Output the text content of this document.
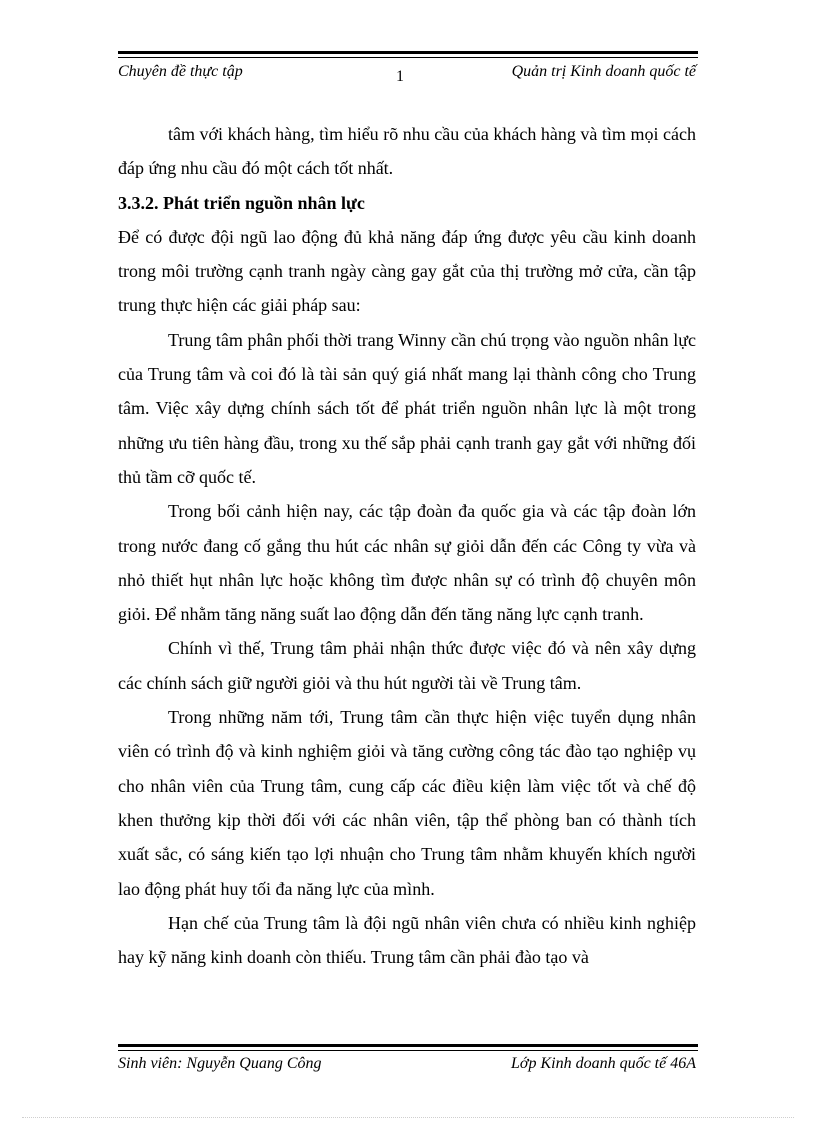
Chuyên đề thực tập	1	Quản trị Kinh doanh quốc tế

tâm với khách hàng, tìm hiểu rõ nhu cầu của khách hàng và tìm mọi cách đáp ứng nhu cầu đó một cách tốt nhất.

3.3.2. Phát triển nguồn nhân lực

Để có được đội ngũ lao động đủ khả năng đáp ứng được yêu cầu kinh doanh trong môi trường cạnh tranh ngày càng gay gắt của thị trường mở cửa, cần tập trung thực hiện các giải pháp sau:

Trung tâm phân phối thời trang Winny cần chú trọng vào nguồn nhân lực của Trung tâm và coi đó là tài sản quý giá nhất mang lại thành công cho Trung tâm. Việc xây dựng chính sách tốt để phát triển nguồn nhân lực là một trong những ưu tiên hàng đầu, trong xu thế sắp phải cạnh tranh gay gắt với những đối thủ tầm cỡ quốc tế.

Trong bối cảnh hiện nay, các tập đoàn đa quốc gia và các tập đoàn lớn trong nước đang cố gắng thu hút các nhân sự giỏi dẫn đến các Công ty vừa và nhỏ thiết hụt nhân lực hoặc không tìm được nhân sự có trình độ chuyên môn giỏi. Để nhằm tăng năng suất lao động dẫn đến tăng năng lực cạnh tranh.

Chính vì thế, Trung tâm phải nhận thức được việc đó và nên xây dựng các chính sách giữ người giỏi và thu hút người tài về Trung tâm.

Trong những năm tới, Trung tâm cần thực hiện việc tuyển dụng nhân viên có trình độ và kinh nghiệm giỏi và tăng cường công tác đào tạo nghiệp vụ cho nhân viên của Trung tâm, cung cấp các điều kiện làm việc tốt và chế độ khen thưởng kịp thời đối với các nhân viên, tập thể phòng ban có thành tích xuất sắc, có sáng kiến tạo lợi nhuận cho Trung tâm nhằm khuyến khích người lao động phát huy tối đa năng lực của mình.

Hạn chế của Trung tâm là đội ngũ nhân viên chưa có nhiều kinh nghiệp hay kỹ năng kinh doanh còn thiếu. Trung tâm cần phải đào tạo và

Sinh viên: Nguyễn Quang Công	Lớp Kinh doanh quốc tế 46A
